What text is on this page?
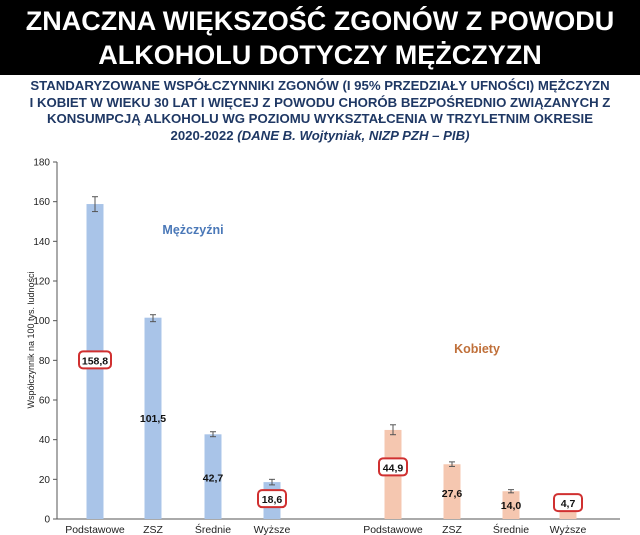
ZNACZNA WIĘKSZOŚĆ ZGONÓW Z POWODU
ALKOHOLU DOTYCZY MĘŻCZYZN
STANDARYZOWANE WSPÓŁCZYNNIKI ZGONÓW (I 95% PRZEDZIAŁY UFNOŚCI) MĘŻCZYZN
I KOBIET W WIEKU 30 LAT I WIĘCEJ Z POWODU CHORÓB BEZPOŚREDNIO ZWIĄZANYCH Z
KONSUMPCJĄ ALKOHOLU WG POZIOMU WYKSZTAŁCENIA W TRZYLETNIM OKRESIE
2020-2022 (DANE B. Wojtyniak, NIZP PZH – PIB)
0
20
40
60
80
100
120
140
160
180
Współczynnik na 100 tys. ludności
Podstawowe
158,8
ZSZ
101,5
Średnie
42,7
Wyższe
18,6
Podstawowe
44,9
ZSZ
27,6
Średnie
14,0
Wyższe
4,7
Mężczyźni
Kobiety
